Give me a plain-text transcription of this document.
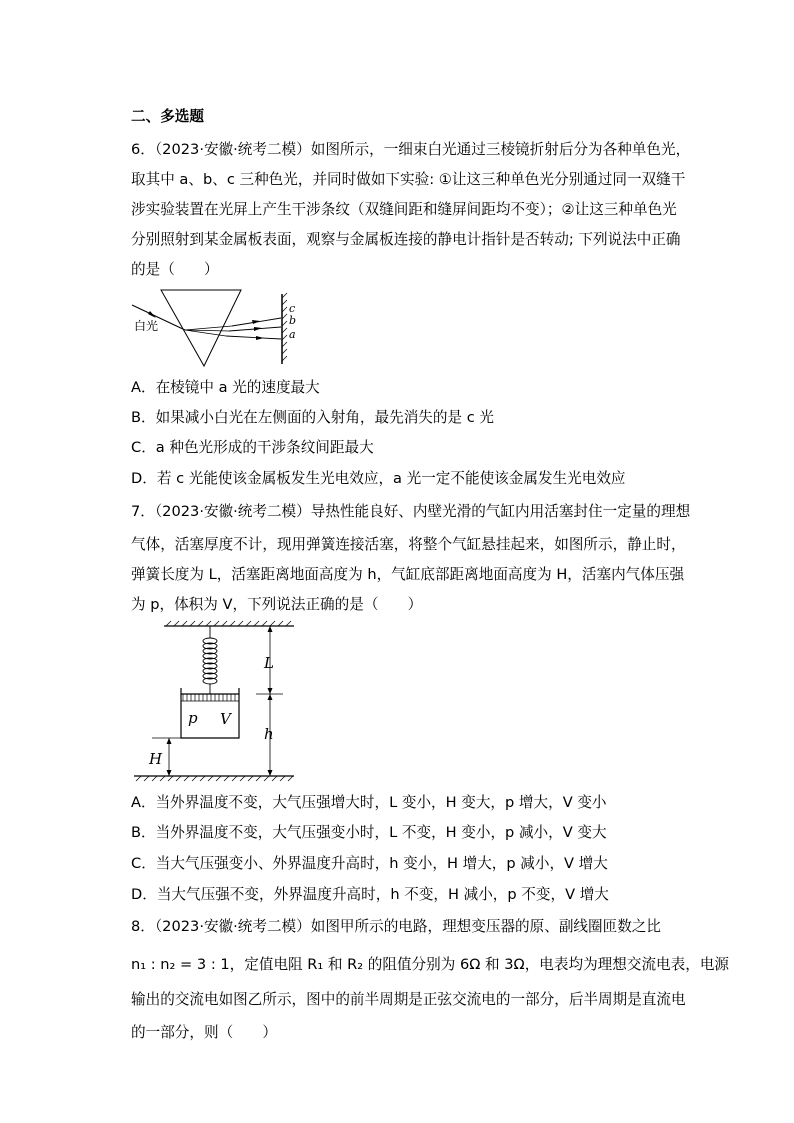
二、多选题
6．（2023·安徽·统考二模）如图所示，一细束白光通过三棱镜折射后分为各种单色光，
取其中 a、b、c 三种色光，并同时做如下实验: ①让这三种单色光分别通过同一双缝干
涉实验装置在光屏上产生干涉条纹（双缝间距和缝屏间距均不变）；②让这三种单色光
分别照射到某金属板表面，观察与金属板连接的静电计指针是否转动; 下列说法中正确
的是（　　）
白光
c
b
a
A．在棱镜中 a 光的速度最大
B．如果减小白光在左侧面的入射角，最先消失的是 c 光
C．a 种色光形成的干涉条纹间距最大
D．若 c 光能使该金属板发生光电效应，a 光一定不能使该金属发生光电效应
7．（2023·安徽·统考二模）导热性能良好、内壁光滑的气缸内用活塞封住一定量的理想
气体，活塞厚度不计，现用弹簧连接活塞，将整个气缸悬挂起来，如图所示，静止时，
弹簧长度为 L，活塞距离地面高度为 h，气缸底部距离地面高度为 H，活塞内气体压强
为 p，体积为 V，下列说法正确的是（　　）
L
h
H
p V
A．当外界温度不变，大气压强增大时，L 变小，H 变大，p 增大，V 变小
B．当外界温度不变，大气压强变小时，L 不变，H 变小，p 减小，V 变大
C．当大气压强变小、外界温度升高时，h 变小，H 增大，p 减小，V 增大
D．当大气压强不变，外界温度升高时，h 不变，H 减小，p 不变，V 增大
8．（2023·安徽·统考二模）如图甲所示的电路，理想变压器的原、副线圈匝数之比
n₁ : n₂ = 3 : 1，定值电阻 R₁ 和 R₂ 的阻值分别为 6Ω 和 3Ω，电表均为理想交流电表，电源
输出的交流电如图乙所示，图中的前半周期是正弦交流电的一部分，后半周期是直流电
的一部分，则（　　）
